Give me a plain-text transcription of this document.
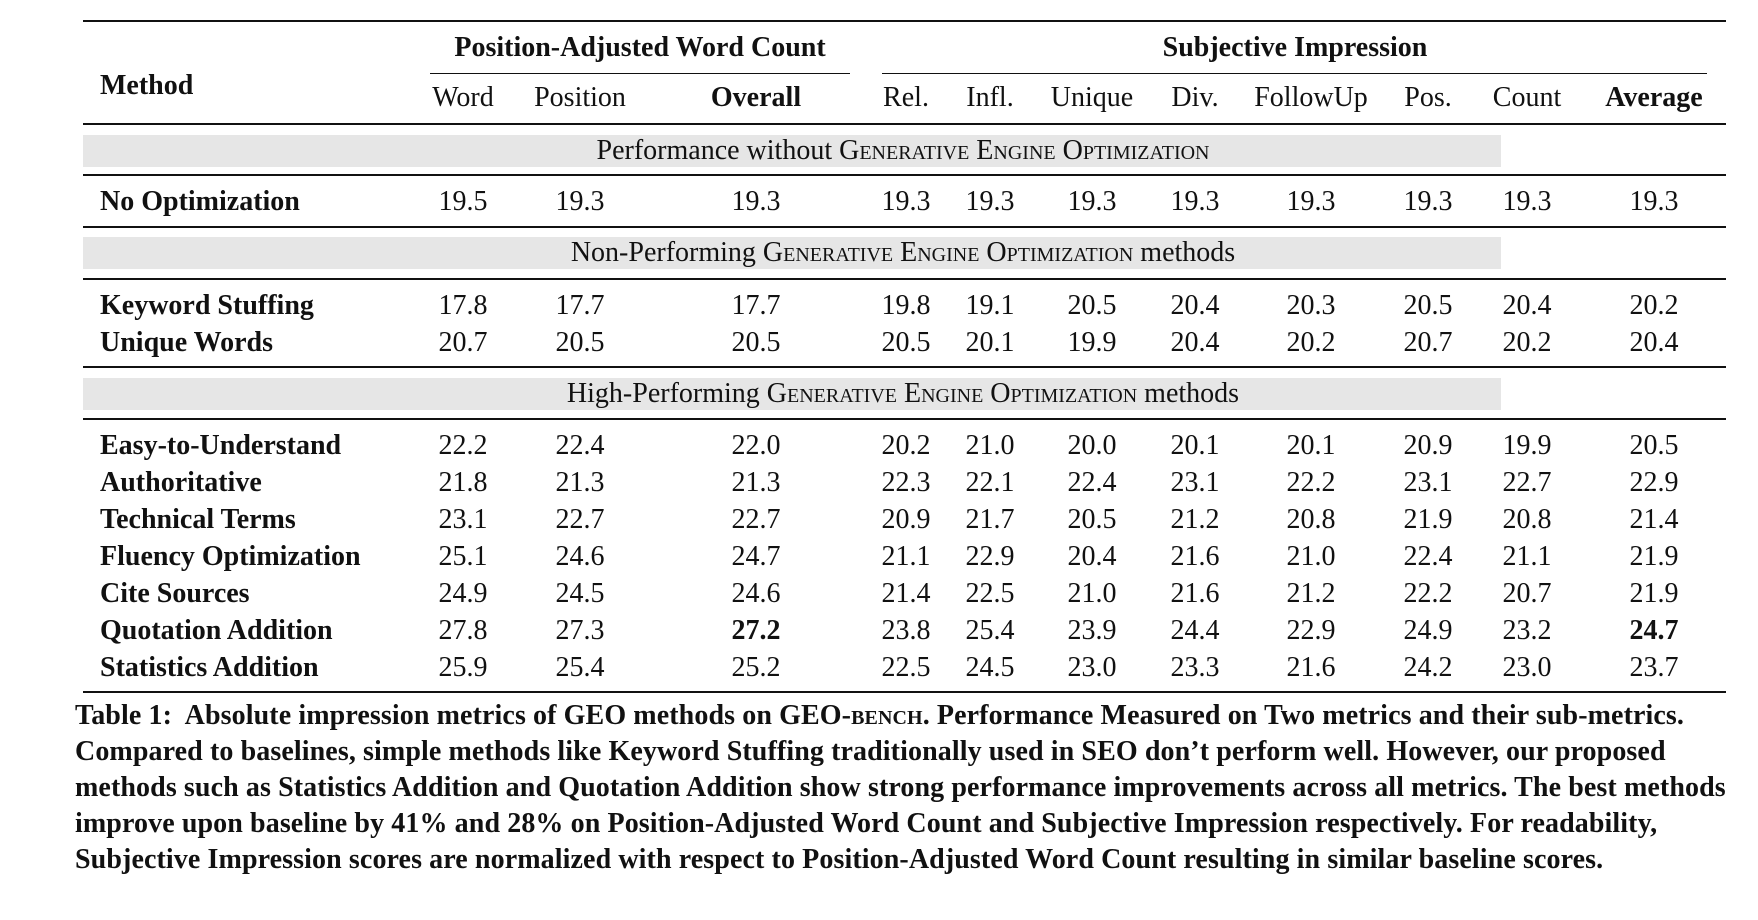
Method
Position-Adjusted Word Count	Subjective Impression
Word Position	Overall	Rel. Infl. Unique Div. FollowUp Pos. Count Average
Performance without Generative Engine Optimization
Non-Performing Generative Engine Optimization methods
High-Performing Generative Engine Optimization methods
No Optimization	19.5 19.3	19.3	19.3 19.3 19.3 19.3 19.3 19.3 19.3	19.3
Keyword Stuffing	17.8 17.7	17.7	19.8 19.1 20.5 20.4 20.3 20.5 20.4	20.2
Unique Words	20.7 20.5	20.5	20.5 20.1 19.9 20.4 20.2 20.7 20.2	20.4
Easy-to-Understand	22.2 22.4	22.0	20.2 21.0 20.0 20.1 20.1 20.9 19.9	20.5
Authoritative	21.8 21.3	21.3	22.3 22.1 22.4 23.1 22.2 23.1 22.7	22.9
Technical Terms	23.1 22.7	22.7	20.9 21.7 20.5 21.2 20.8 21.9 20.8	21.4
Fluency Optimization	25.1 24.6	24.7	21.1 22.9 20.4 21.6 21.0 22.4 21.1	21.9
Cite Sources	24.9 24.5	24.6	21.4 22.5 21.0 21.6 21.2 22.2 20.7	21.9
Quotation Addition	27.8 27.3	27.2	23.8 25.4 23.9 24.4 22.9 24.9 23.2	24.7
Statistics Addition	25.9 25.4	25.2	22.5 24.5 23.0 23.3 21.6 24.2 23.0	23.7

Table 1:  Absolute impression metrics of GEO methods on GEO-bench. Performance Measured on Two metrics and their sub-metrics. Compared to baselines, simple methods like Keyword Stuffing traditionally used in SEO don’t perform well. However, our proposed methods such as Statistics Addition and Quotation Addition show strong performance improvements across all metrics. The best methods improve upon baseline by 41% and 28% on Position-Adjusted Word Count and Subjective Impression respectively. For readability, Subjective Impression scores are normalized with respect to Position-Adjusted Word Count resulting in similar baseline scores.
